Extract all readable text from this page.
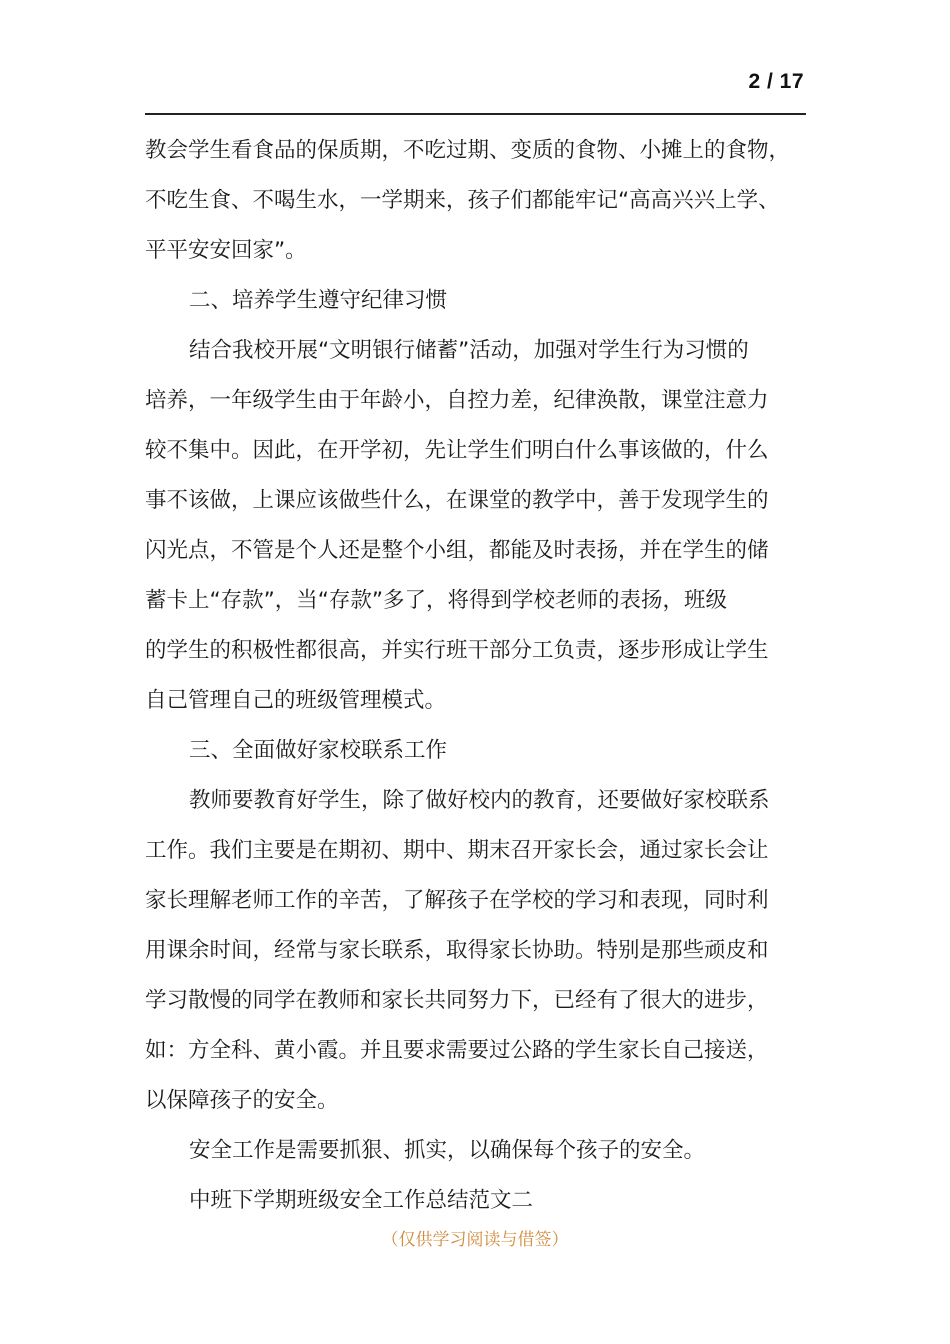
2 / 17
教会学生看食品的保质期，不吃过期、变质的食物、小摊上的食物，
不吃生食、不喝生水，一学期来，孩子们都能牢记“高高兴兴上学、
平平安安回家”。
二、培养学生遵守纪律习惯
结合我校开展“文明银行储蓄”活动，加强对学生行为习惯的
培养，一年级学生由于年龄小，自控力差，纪律涣散，课堂注意力
较不集中。因此，在开学初，先让学生们明白什么事该做的，什么
事不该做，上课应该做些什么，在课堂的教学中，善于发现学生的
闪光点，不管是个人还是整个小组，都能及时表扬，并在学生的储
蓄卡上“存款”，当“存款”多了，将得到学校老师的表扬，班级
的学生的积极性都很高，并实行班干部分工负责，逐步形成让学生
自己管理自己的班级管理模式。
三、全面做好家校联系工作
教师要教育好学生，除了做好校内的教育，还要做好家校联系
工作。我们主要是在期初、期中、期末召开家长会，通过家长会让
家长理解老师工作的辛苦，了解孩子在学校的学习和表现，同时利
用课余时间，经常与家长联系，取得家长协助。特别是那些顽皮和
学习散慢的同学在教师和家长共同努力下，已经有了很大的进步，
如：方全科、黄小霞。并且要求需要过公路的学生家长自己接送，
以保障孩子的安全。
安全工作是需要抓狠、抓实，以确保每个孩子的安全。
中班下学期班级安全工作总结范文二
（仅供学习阅读与借签）
